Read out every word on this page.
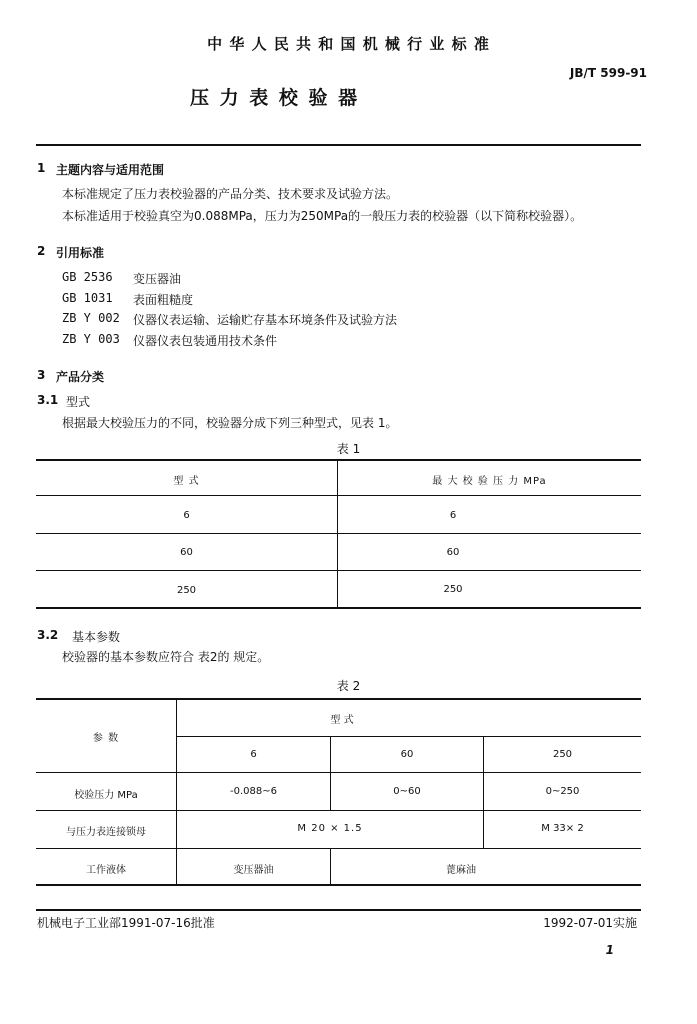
中 华 人 民 共 和 国 机 械 行 业 标 准
JB/T 599-91
压 力 表 校 验 器
1 主题内容与适用范围
本标准规定了压力表校验器的产品分类、技术要求及试验方法。
本标准适用于校验真空为0.088MPa，压力为250MPa的一般压力表的校验器（以下简称校验器）。
2 引用标准
GB 2536 变压器油
GB 1031 表面粗糙度
ZB Y 002 仪器仪表运输、运输贮存基本环境条件及试验方法
ZB Y 003 仪器仪表包装通用技术条件
3 产品分类
3.1 型式
根据最大校验压力的不同，校验器分成下列三种型式，见表 1。
表 1
型 式	最 大 校 验 压 力 MPa
6	6
60	60
250	250
3.2 基本参数
校验器的基本参数应符合 表2的 规定。
表 2
参 数
型 式
6	60	250
校验压力 MPa	-0.088~6	0~60	0~250
与压力表连接锁母	M 20 × 1.5	M 33× 2
工作液体	变压器油	蓖麻油
机械电子工业部1991-07-16批准	1992-07-01实施
1
